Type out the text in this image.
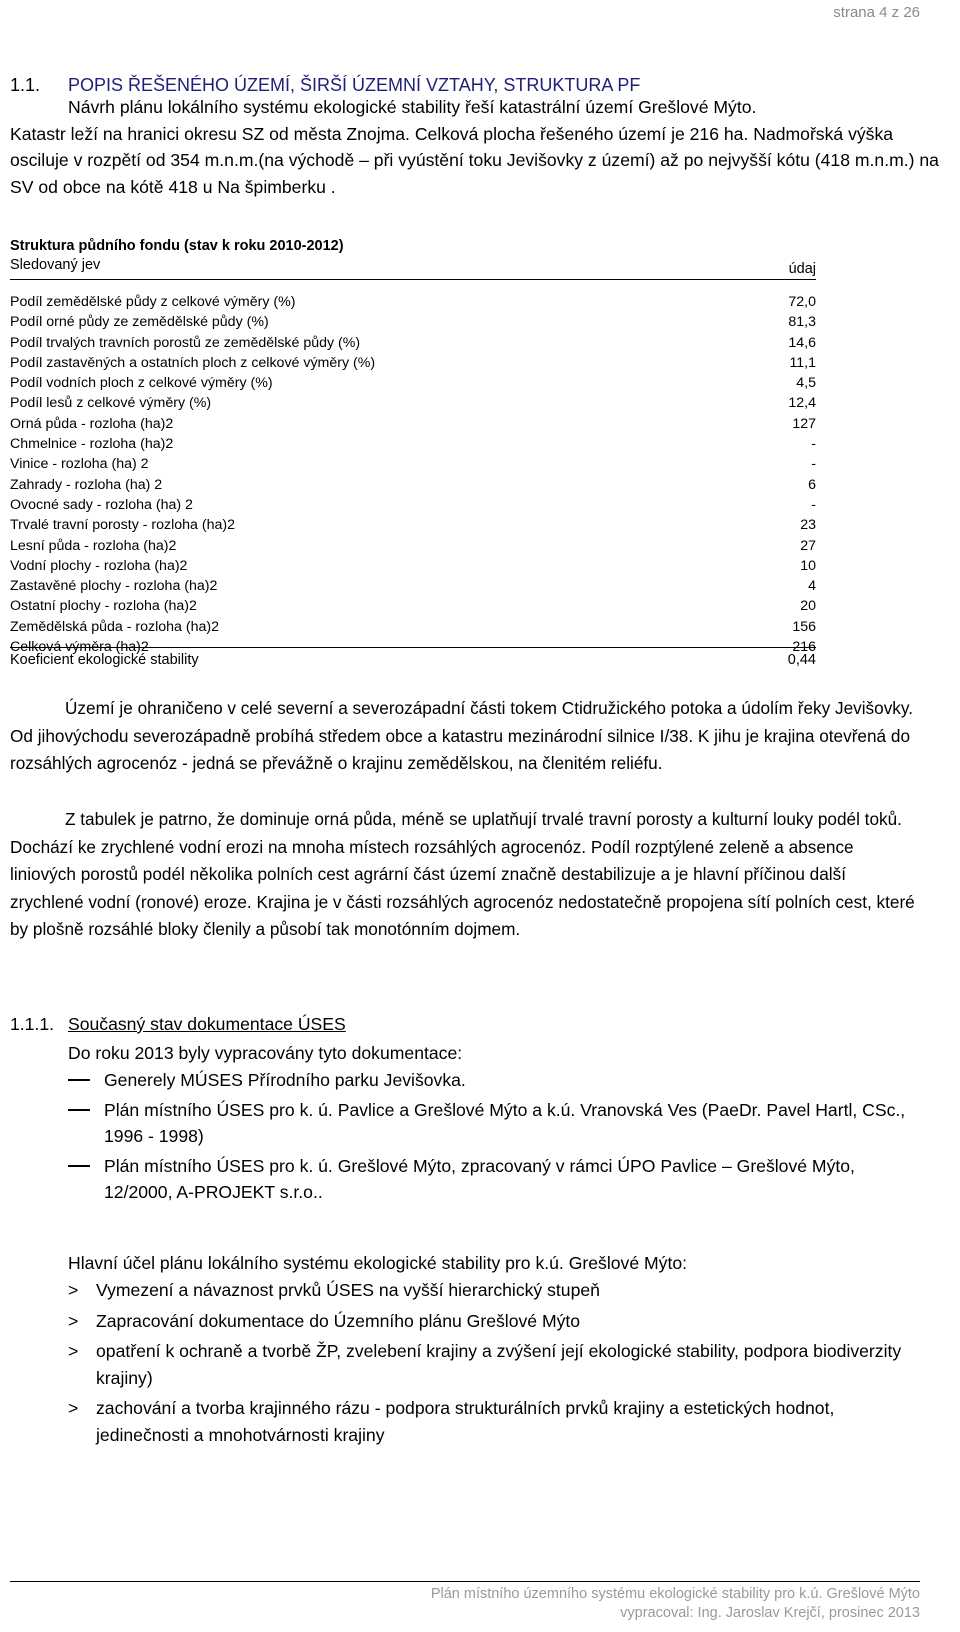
strana 4 z 26
1.1. POPIS ŘEŠENÉHO ÚZEMÍ, ŠIRŠÍ ÚZEMNÍ VZTAHY, STRUKTURA PF
Návrh plánu lokálního systému ekologické stability řeší katastrální území Grešlové Mýto.
Katastr leží na hranici okresu SZ od města Znojma. Celková plocha řešeného území je 216 ha. Nadmořská výška osciluje v rozpětí od 354 m.n.m.(na východě – při vyústění toku Jevišovky z území) až po nejvyšší kótu (418 m.n.m.) na SV od obce na kótě 418 u Na špimberku .
Struktura půdního fondu (stav k roku 2010-2012)
Sledovaný jev	údaj
Podíl zemědělské půdy z celkové výměry (%)	72,0
Podíl orné půdy ze zemědělské půdy (%)	81,3
Podíl trvalých travních porostů ze zemědělské půdy (%)	14,6
Podíl zastavěných a ostatních ploch z celkové výměry (%)	11,1
Podíl vodních ploch z celkové výměry (%)	4,5
Podíl lesů z celkové výměry (%)	12,4
Orná půda - rozloha (ha)2	127
Chmelnice - rozloha (ha)2	-
Vinice - rozloha (ha) 2	-
Zahrady - rozloha (ha) 2	6
Ovocné sady - rozloha (ha) 2	-
Trvalé travní porosty - rozloha (ha)2	23
Lesní půda - rozloha (ha)2	27
Vodní plochy - rozloha (ha)2	10
Zastavěné plochy - rozloha (ha)2	4
Ostatní plochy - rozloha (ha)2	20
Zemědělská půda - rozloha (ha)2	156
Celková výměra (ha)2	216
Koeficient ekologické stability	0,44
Území je ohraničeno v celé severní a severozápadní části tokem Ctidružického potoka a údolím řeky Jevišovky. Od jihovýchodu severozápadně probíhá středem obce a katastru mezinárodní silnice I/38. K jihu je krajina otevřená do rozsáhlých agrocenóz - jedná se převážně o krajinu zemědělskou, na členitém reliéfu.
Z tabulek je patrno, že dominuje orná půda, méně se uplatňují trvalé travní porosty a kulturní louky podél toků. Dochází ke zrychlené vodní erozi na mnoha místech rozsáhlých agrocenóz. Podíl rozptýlené zeleně a absence liniových porostů podél několika polních cest agrární část území značně destabilizuje a je hlavní příčinou další zrychlené vodní (ronové) eroze. Krajina je v části rozsáhlých agrocenóz nedostatečně propojena sítí polních cest, které by plošně rozsáhlé bloky členily a působí tak monotónním dojmem.
1.1.1. Současný stav dokumentace ÚSES
Do roku 2013 byly vypracovány tyto dokumentace:
Generely MÚSES Přírodního parku Jevišovka.
Plán místního ÚSES pro k. ú. Pavlice a Grešlové Mýto a k.ú. Vranovská Ves (PaeDr. Pavel Hartl, CSc., 1996 - 1998)
Plán místního ÚSES pro k. ú. Grešlové Mýto, zpracovaný v rámci ÚPO Pavlice – Grešlové Mýto, 12/2000, A-PROJEKT s.r.o..
Hlavní účel plánu lokálního systému ekologické stability pro k.ú. Grešlové Mýto:
> Vymezení a návaznost prvků ÚSES na vyšší hierarchický stupeň
> Zapracování dokumentace do Územního plánu Grešlové Mýto
> opatření k ochraně a tvorbě ŽP, zvelebení krajiny a zvýšení její ekologické stability, podpora biodiverzity krajiny)
> zachování a tvorba krajinného rázu - podpora strukturálních prvků krajiny a estetických hodnot, jedinečnosti a mnohotvárnosti krajiny
Plán místního územního systému ekologické stability pro k.ú. Grešlové Mýto
vypracoval: Ing. Jaroslav Krejčí, prosinec 2013
